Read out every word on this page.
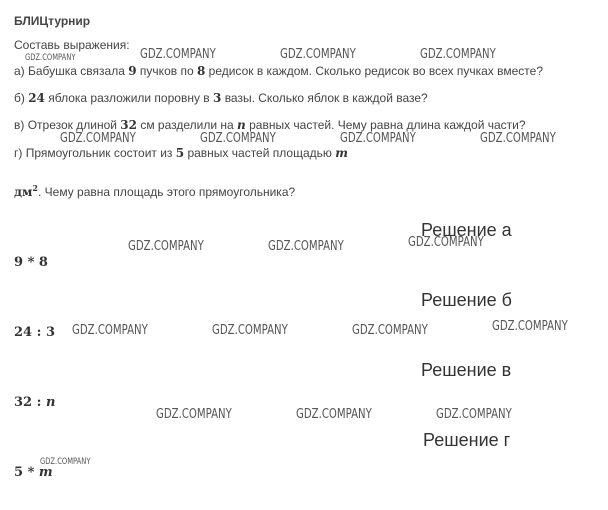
БЛИЦтурнир
Составь выражения:
а) Бабушка связала 9 пучков по 8 редисок в каждом. Сколько редисок во всех пучках вместе?
б) 24 яблока разложили поровну в 3 вазы. Сколько яблок в каждой вазе?
в) Отрезок длиной 32 см разделили на n равных частей. Чему равна длина каждой части?
г) Прямоугольник состоит из 5 равных частей площадью m
$дм^2$. Чему равна площадь этого прямоугольника?
Решение а
9 * 8
Решение б
24 : 3
Решение в
32 : n
Решение г
5 * m
GDZ.COMPANY	GDZ.COMPANY	GDZ.COMPANY	GDZ.COMPANY
GDZ.COMPANY	GDZ.COMPANY	GDZ.COMPANY	GDZ.COMPANY
GDZ.COMPANY	GDZ.COMPANY	GDZ.COMPANY
GDZ.COMPANY	GDZ.COMPANY	GDZ.COMPANY	GDZ.COMPANY
GDZ.COMPANY	GDZ.COMPANY	GDZ.COMPANY
GDZ.COMPANY
